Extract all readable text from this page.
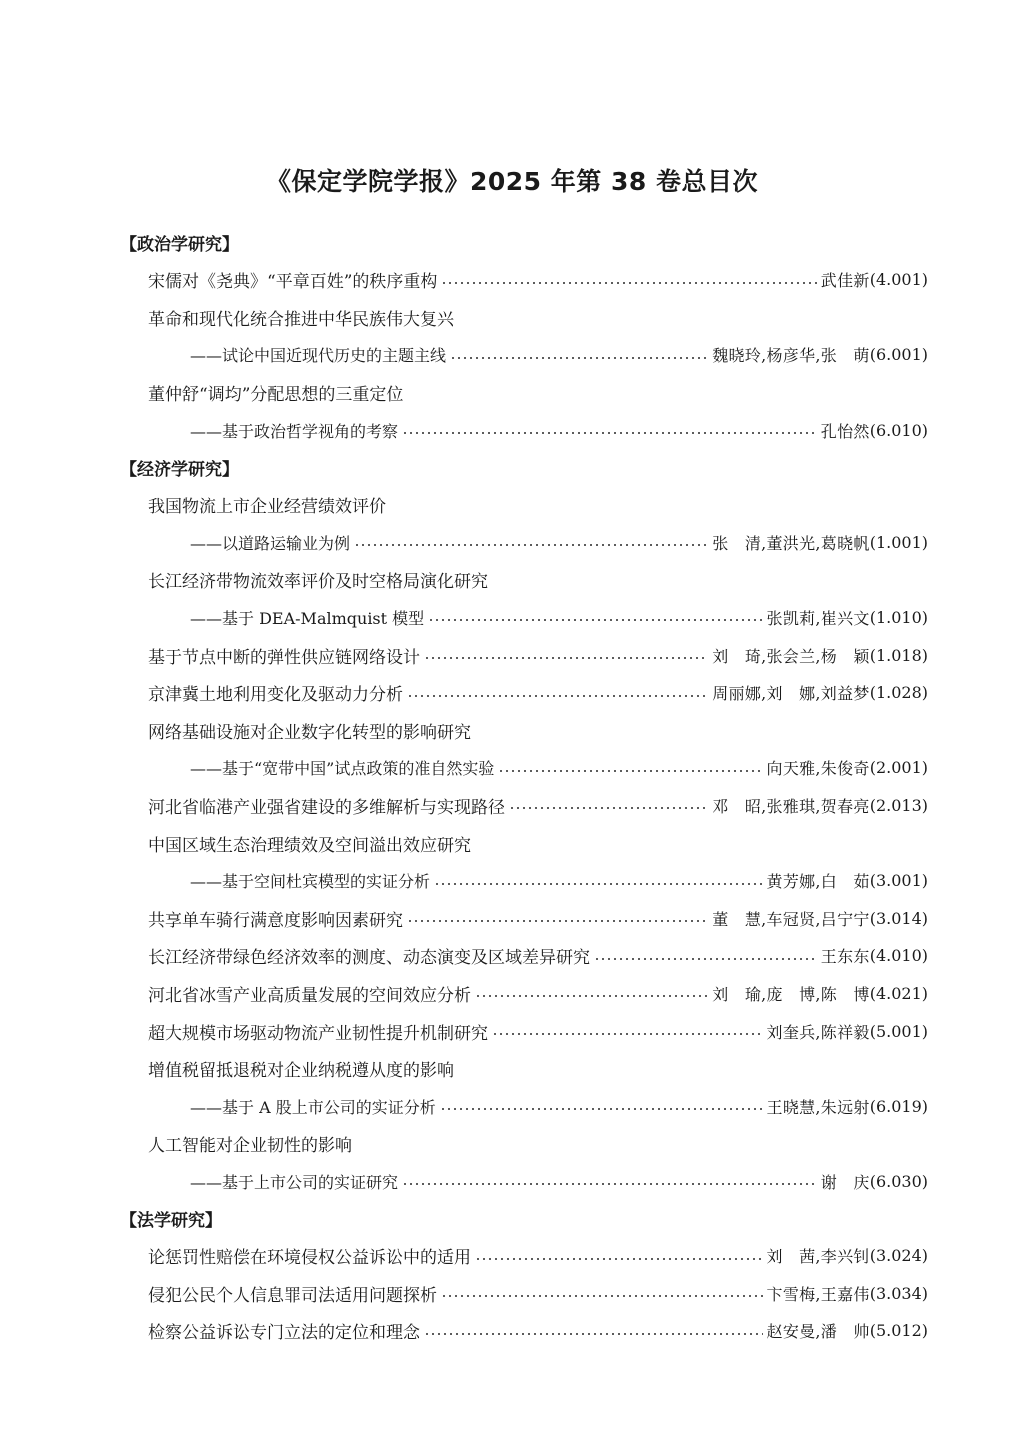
《保定学院学报》2025 年第 38 卷总目次
【政治学研究】
宋儒对《尧典》“平章百姓”的秩序重构	武佳新 (4.001)
革命和现代化统合推进中华民族伟大复兴
——试论中国近现代历史的主题主线	魏晓玲,杨彦华,张　萌 (6.001)
董仲舒“调均”分配思想的三重定位
——基于政治哲学视角的考察	孔怡然 (6.010)
【经济学研究】
我国物流上市企业经营绩效评价
——以道路运输业为例	张　清,董洪光,葛晓帆 (1.001)
长江经济带物流效率评价及时空格局演化研究
——基于 DEA-Malmquist 模型	张凯莉,崔兴文 (1.010)
基于节点中断的弹性供应链网络设计	刘　琦,张会兰,杨　颖 (1.018)
京津冀土地利用变化及驱动力分析	周丽娜,刘　娜,刘益梦 (1.028)
网络基础设施对企业数字化转型的影响研究
——基于“宽带中国”试点政策的准自然实验	向天雅,朱俊奇 (2.001)
河北省临港产业强省建设的多维解析与实现路径	邓　昭,张雅琪,贺春亮 (2.013)
中国区域生态治理绩效及空间溢出效应研究
——基于空间杜宾模型的实证分析	黄芳娜,白　茹 (3.001)
共享单车骑行满意度影响因素研究	董　慧,车冠贤,吕宁宁 (3.014)
长江经济带绿色经济效率的测度、动态演变及区域差异研究	王东东 (4.010)
河北省冰雪产业高质量发展的空间效应分析	刘　瑜,庞　博,陈　博 (4.021)
超大规模市场驱动物流产业韧性提升机制研究	刘奎兵,陈祥毅 (5.001)
增值税留抵退税对企业纳税遵从度的影响
——基于 A 股上市公司的实证分析	王晓慧,朱远射 (6.019)
人工智能对企业韧性的影响
——基于上市公司的实证研究	谢　庆 (6.030)
【法学研究】
论惩罚性赔偿在环境侵权公益诉讼中的适用	刘　茜,李兴钊 (3.024)
侵犯公民个人信息罪司法适用问题探析	卞雪梅,王嘉伟 (3.034)
检察公益诉讼专门立法的定位和理念	赵安曼,潘　帅 (5.012)
